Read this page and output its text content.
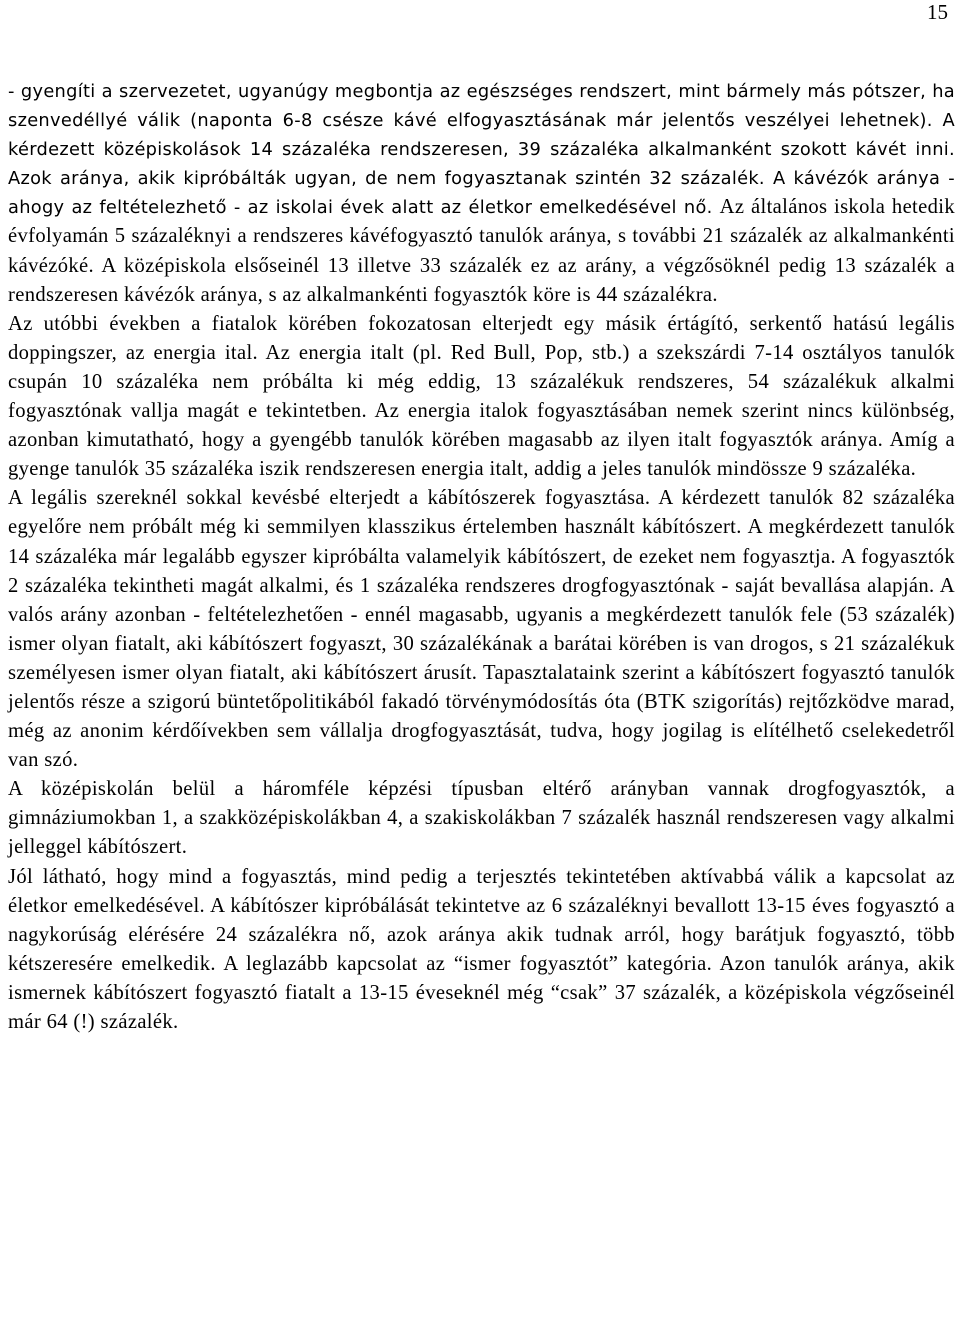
15

- gyengíti a szervezetet, ugyanúgy megbontja az egészséges rendszert, mint bármely más pótszer, ha szenvedéllyé válik (naponta 6-8 csésze kávé elfogyasztásának már jelentős veszélyei lehetnek). A kérdezett középiskolások 14 százaléka rendszeresen, 39 százaléka alkalmanként szokott kávét inni. Azok aránya, akik kipróbálták ugyan, de nem fogyasztanak szintén 32 százalék. A kávézók aránya - ahogy az feltételezhető - az iskolai évek alatt az életkor emelkedésével nő. Az általános iskola hetedik évfolyamán 5 százaléknyi a rendszeres kávéfogyasztó tanulók aránya, s további 21 százalék az alkalmankénti kávézóké. A középiskola elsőseinél 13 illetve 33 százalék ez az arány, a végzősöknél pedig 13 százalék a rendszeresen kávézók aránya, s az alkalmankénti fogyasztók köre is 44 százalékra.

Az utóbbi években a fiatalok körében fokozatosan elterjedt egy másik értágító, serkentő hatású legális doppingszer, az energia ital. Az energia italt (pl. Red Bull, Pop, stb.) a szekszárdi 7-14 osztályos tanulók csupán 10 százaléka nem próbálta ki még eddig, 13 százalékuk rendszeres, 54 százalékuk alkalmi fogyasztónak vallja magát e tekintetben. Az energia italok fogyasztásában nemek szerint nincs különbség, azonban kimutatható, hogy a gyengébb tanulók körében magasabb az ilyen italt fogyasztók aránya. Amíg a gyenge tanulók 35 százaléka iszik rendszeresen energia italt, addig a jeles tanulók mindössze 9 százaléka.

A legális szereknél sokkal kevésbé elterjedt a kábítószerek fogyasztása. A kérdezett tanulók 82 százaléka egyelőre nem próbált még ki semmilyen klasszikus értelemben használt kábítószert. A megkérdezett tanulók 14 százaléka már legalább egyszer kipróbálta valamelyik kábítószert, de ezeket nem fogyasztja. A fogyasztók 2 százaléka tekintheti magát alkalmi, és 1 százaléka rendszeres drogfogyasztónak - saját bevallása alapján. A valós arány azonban - feltételezhetően - ennél magasabb, ugyanis a megkérdezett tanulók fele (53 százalék) ismer olyan fiatalt, aki kábítószert fogyaszt, 30 százalékának a barátai körében is van drogos, s 21 százalékuk személyesen ismer olyan fiatalt, aki kábítószert árusít. Tapasztalataink szerint a kábítószert fogyasztó tanulók jelentős része a szigorú büntetőpolitikából fakadó törvénymódosítás óta (BTK szigorítás) rejtőzködve marad, még az anonim kérdőívekben sem vállalja drogfogyasztását, tudva, hogy jogilag is elítélhető cselekedetről van szó.

A középiskolán belül a háromféle képzési típusban eltérő arányban vannak drogfogyasztók, a gimnáziumokban 1, a szakközépiskolákban 4, a szakiskolákban 7 százalék használ rendszeresen vagy alkalmi jelleggel kábítószert.

Jól látható, hogy mind a fogyasztás, mind pedig a terjesztés tekintetében aktívabbá válik a kapcsolat az életkor emelkedésével. A kábítószer kipróbálását tekintetve az 6 százaléknyi bevallott 13-15 éves fogyasztó a nagykorúság elérésére 24 százalékra nő, azok aránya akik tudnak arról, hogy barátjuk fogyasztó, több kétszeresére emelkedik. A leglazább kapcsolat az “ismer fogyasztót” kategória. Azon tanulók aránya, akik ismernek kábítószert fogyasztó fiatalt a 13-15 éveseknél még “csak” 37 százalék, a középiskola végzőseinél már 64 (!) százalék.
